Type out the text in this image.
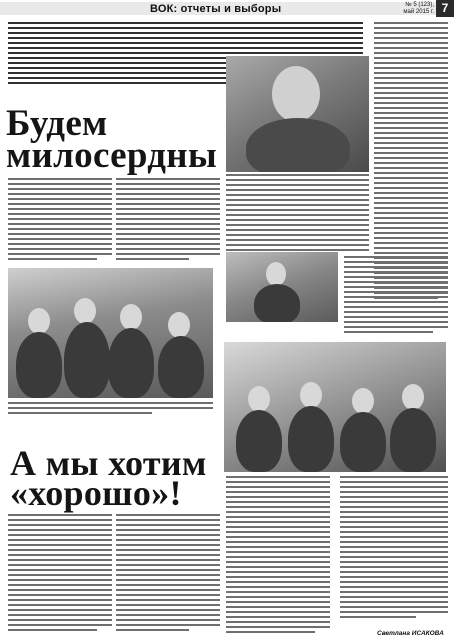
ВОК: отчеты и выборы	№ 5 (123),
май 2015 г. 7
Будем милосердны
А мы хотим «хорошо»!
Светлана ИСАКОВА
